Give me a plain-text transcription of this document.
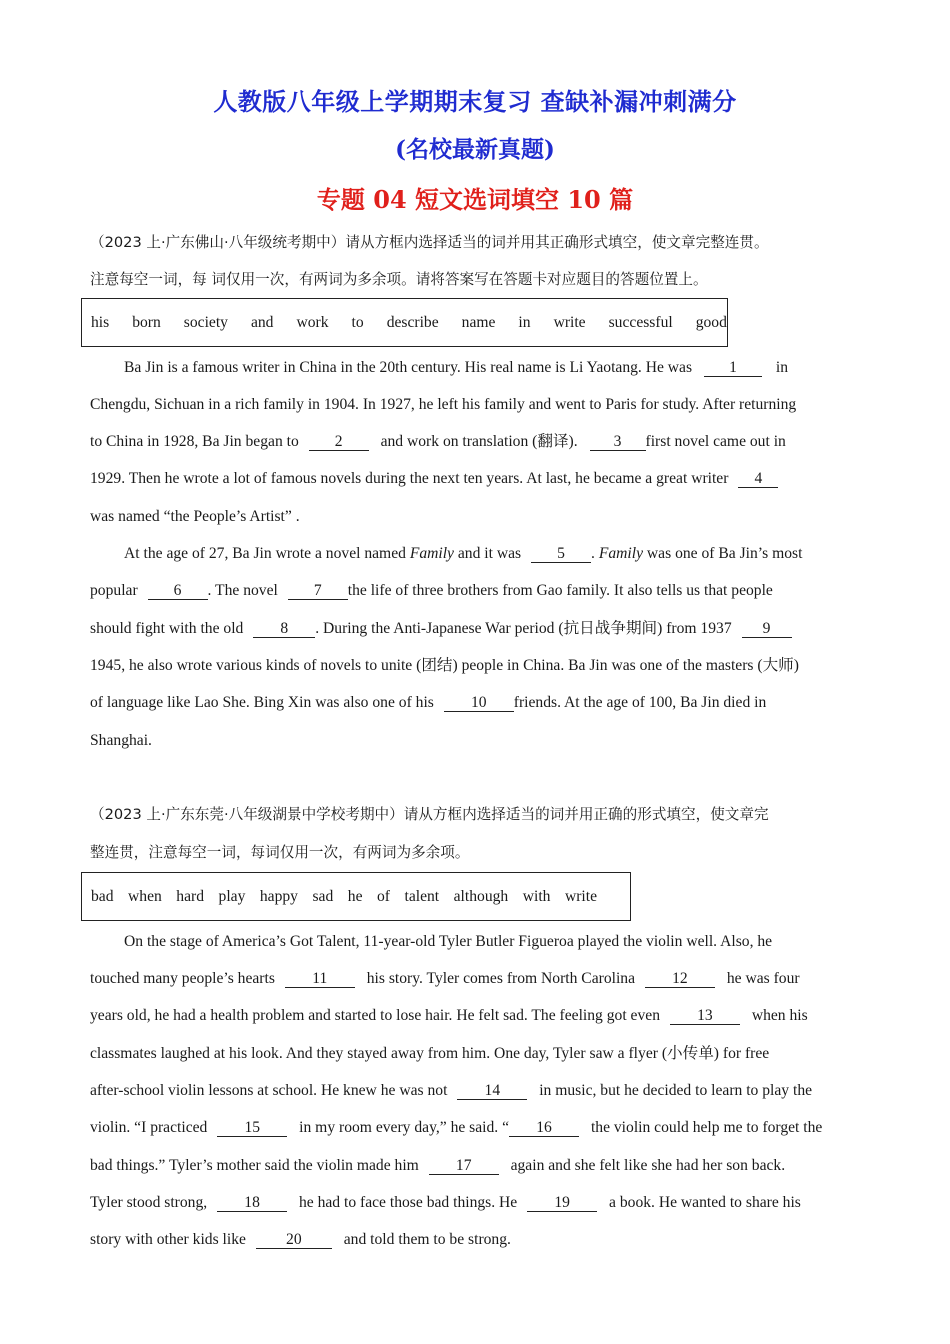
人教版八年级上学期期末复习 查缺补漏冲刺满分
(名校最新真题)
专题 04 短文选词填空 10 篇
（2023 上·广东佛山·八年级统考期中）请从方框内选择适当的词并用其正确形式填空，使文章完整连贯。
注意每空一词，每 词仅用一次，有两词为多余项。请将答案写在答题卡对应题目的答题位置上。
his born society and work to describe name in write successful good
Ba Jin is a famous writer in China in the 20th century. His real name is Li Yaotang. He was 1	in
Chengdu, Sichuan in a rich family in 1904. In 1927, he left his family and went to Paris for study. After returning
to China in 1928, Ba Jin began to 2 and work on translation (翻译). 3 first novel came out in
1929. Then he wrote a lot of famous novels during the next ten years. At last, he became a great writer 4
was named “the People’s Artist” .
At the age of 27, Ba Jin wrote a novel named Family and it was 5 . Family was one of Ba Jin’s most
popular 6 . The novel 7 the life of three brothers from Gao family. It also tells us that people
should fight with the old 8 . During the Anti-Japanese War period (抗日战争期间) from 1937 9
1945, he also wrote various kinds of novels to unite (团结) people in China. Ba Jin was one of the masters (大师)
of language like Lao She. Bing Xin was also one of his 10 friends. At the age of 100, Ba Jin died in
Shanghai.
（2023 上·广东东莞·八年级湖景中学校考期中）请从方框内选择适当的词并用正确的形式填空，使文章完
整连贯，注意每空一词，每词仅用一次，有两词为多余项。
bad when hard play happy sad he of talent although with write
On the stage of America’s Got Talent, 11-year-old Tyler Butler Figueroa played the violin well. Also, he
touched many people’s hearts 11	his story. Tyler comes from North Carolina 12	he was four
years old, he had a health problem and started to lose hair. He felt sad. The feeling got even 13	when his
classmates laughed at his look. And they stayed away from him. One day, Tyler saw a flyer (小传单) for free
after-school violin lessons at school. He knew he was not 14	in music, but he decided to learn to play the
violin. “I practiced 15	in my room every day,” he said. “ 16	the violin could help me to forget the
bad things.” Tyler’s mother said the violin made him 17	again and she felt like she had her son back.
Tyler stood strong, 18	he had to face those bad things. He 19	a book. He wanted to share his
story with other kids like	20	and told them to be strong.
